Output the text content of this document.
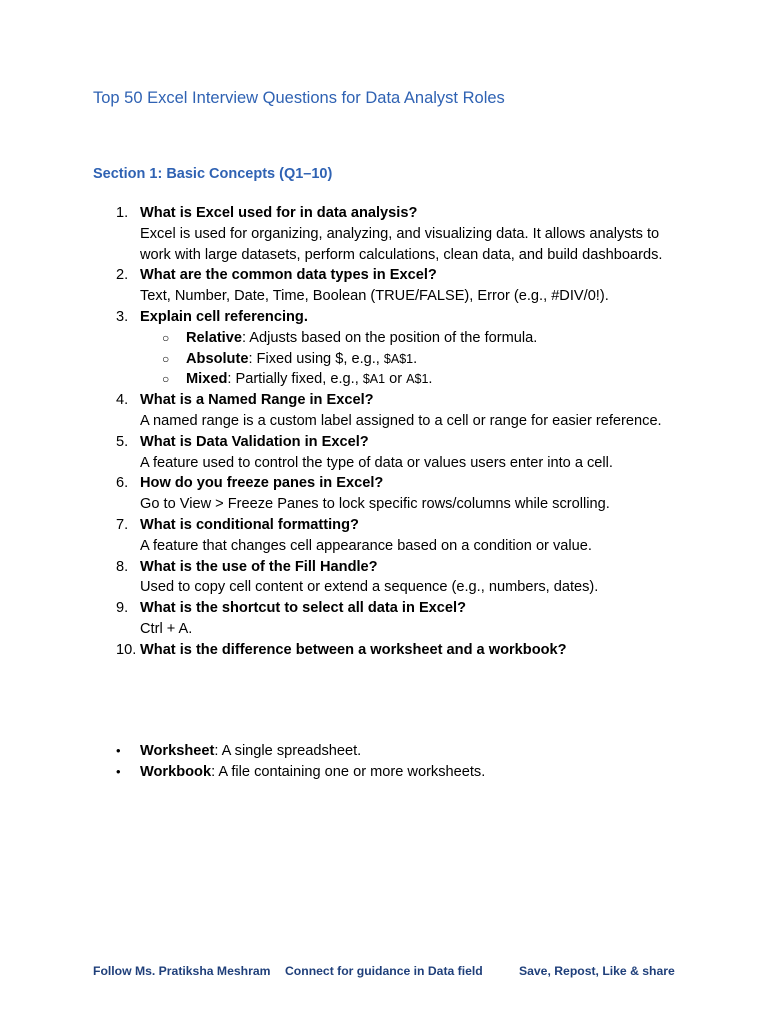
Top 50 Excel Interview Questions for Data Analyst Roles
Section 1: Basic Concepts (Q1–10)
1. What is Excel used for in data analysis?
Excel is used for organizing, analyzing, and visualizing data. It allows analysts to work with large datasets, perform calculations, clean data, and build dashboards.
2. What are the common data types in Excel?
Text, Number, Date, Time, Boolean (TRUE/FALSE), Error (e.g., #DIV/0!).
3. Explain cell referencing.
○ Relative: Adjusts based on the position of the formula.
○ Absolute: Fixed using $, e.g., $A$1.
○ Mixed: Partially fixed, e.g., $A1 or A$1.
4. What is a Named Range in Excel?
A named range is a custom label assigned to a cell or range for easier reference.
5. What is Data Validation in Excel?
A feature used to control the type of data or values users enter into a cell.
6. How do you freeze panes in Excel?
Go to View > Freeze Panes to lock specific rows/columns while scrolling.
7. What is conditional formatting?
A feature that changes cell appearance based on a condition or value.
8. What is the use of the Fill Handle?
Used to copy cell content or extend a sequence (e.g., numbers, dates).
9. What is the shortcut to select all data in Excel?
Ctrl + A.
10. What is the difference between a worksheet and a workbook?
• Worksheet: A single spreadsheet.
• Workbook: A file containing one or more worksheets.
Follow Ms. Pratiksha Meshram Connect for guidance in Data field	Save, Repost, Like & share
